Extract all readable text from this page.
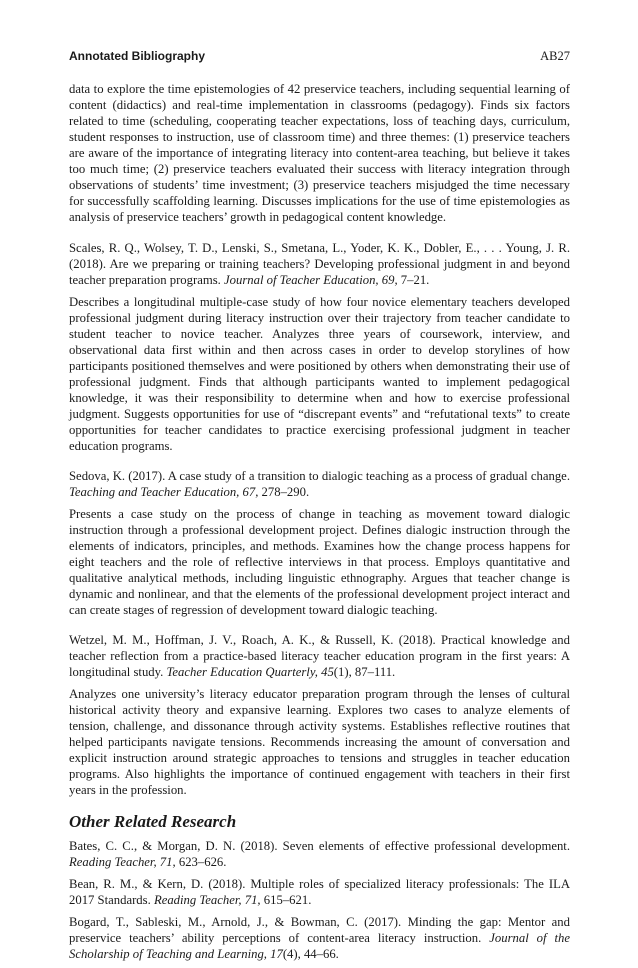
Annotated Bibliography	AB27

data to explore the time epistemologies of 42 preservice teachers, including sequential learning of content (didactics) and real-time implementation in classrooms (pedagogy). Finds six factors related to time (scheduling, cooperating teacher expectations, loss of teaching days, curriculum, student responses to instruction, use of classroom time) and three themes: (1) preservice teachers are aware of the importance of integrating literacy into content-area teaching, but believe it takes too much time; (2) preservice teachers evaluated their success with literacy integration through observations of students’ time investment; (3) preservice teachers misjudged the time necessary for successfully scaffolding learning. Discusses implications for the use of time epistemologies as analysis of preservice teachers’ growth in pedagogical content knowledge.

Scales, R. Q., Wolsey, T. D., Lenski, S., Smetana, L., Yoder, K. K., Dobler, E., . . . Young, J. R. (2018). Are we preparing or training teachers? Developing professional judgment in and beyond teacher preparation programs. Journal of Teacher Education, 69, 7–21.

Describes a longitudinal multiple-case study of how four novice elementary teachers developed professional judgment during literacy instruction over their trajectory from teacher candidate to student teacher to novice teacher. Analyzes three years of coursework, interview, and observational data first within and then across cases in order to develop storylines of how participants positioned themselves and were positioned by others when demonstrating their use of professional judgment. Finds that although participants wanted to implement pedagogical knowledge, it was their responsibility to determine when and how to exercise professional judgment. Suggests opportunities for use of “discrepant events” and “refutational texts” to create opportunities for teacher candidates to practice exercising professional judgment in teacher education programs.

Sedova, K. (2017). A case study of a transition to dialogic teaching as a process of gradual change. Teaching and Teacher Education, 67, 278–290.

Presents a case study on the process of change in teaching as movement toward dialogic instruction through a professional development project. Defines dialogic instruction through the elements of indicators, principles, and methods. Examines how the change process happens for eight teachers and the role of reflective interviews in that process. Employs quantitative and qualitative analytical methods, including linguistic ethnography. Argues that teacher change is dynamic and nonlinear, and that the elements of the professional development project interact and can create stages of regression of development toward dialogic teaching.

Wetzel, M. M., Hoffman, J. V., Roach, A. K., & Russell, K. (2018). Practical knowledge and teacher reflection from a practice-based literacy teacher education program in the first years: A longitudinal study. Teacher Education Quarterly, 45(1), 87–111.

Analyzes one university’s literacy educator preparation program through the lenses of cultural historical activity theory and expansive learning. Explores two cases to analyze elements of tension, challenge, and dissonance through activity systems. Establishes reflective routines that helped participants navigate tensions. Recommends increasing the amount of conversation and explicit instruction around strategic approaches to tensions and struggles in teacher education programs. Also highlights the importance of continued engagement with teachers in their first years in the profession.

Other Related Research

Bates, C. C., & Morgan, D. N. (2018). Seven elements of effective professional development. Reading Teacher, 71, 623–626.

Bean, R. M., & Kern, D. (2018). Multiple roles of specialized literacy professionals: The ILA 2017 Standards. Reading Teacher, 71, 615–621.

Bogard, T., Sableski, M., Arnold, J., & Bowman, C. (2017). Minding the gap: Mentor and preservice teachers’ ability perceptions of content-area literacy instruction. Journal of the Scholarship of Teaching and Learning, 17(4), 44–66.
